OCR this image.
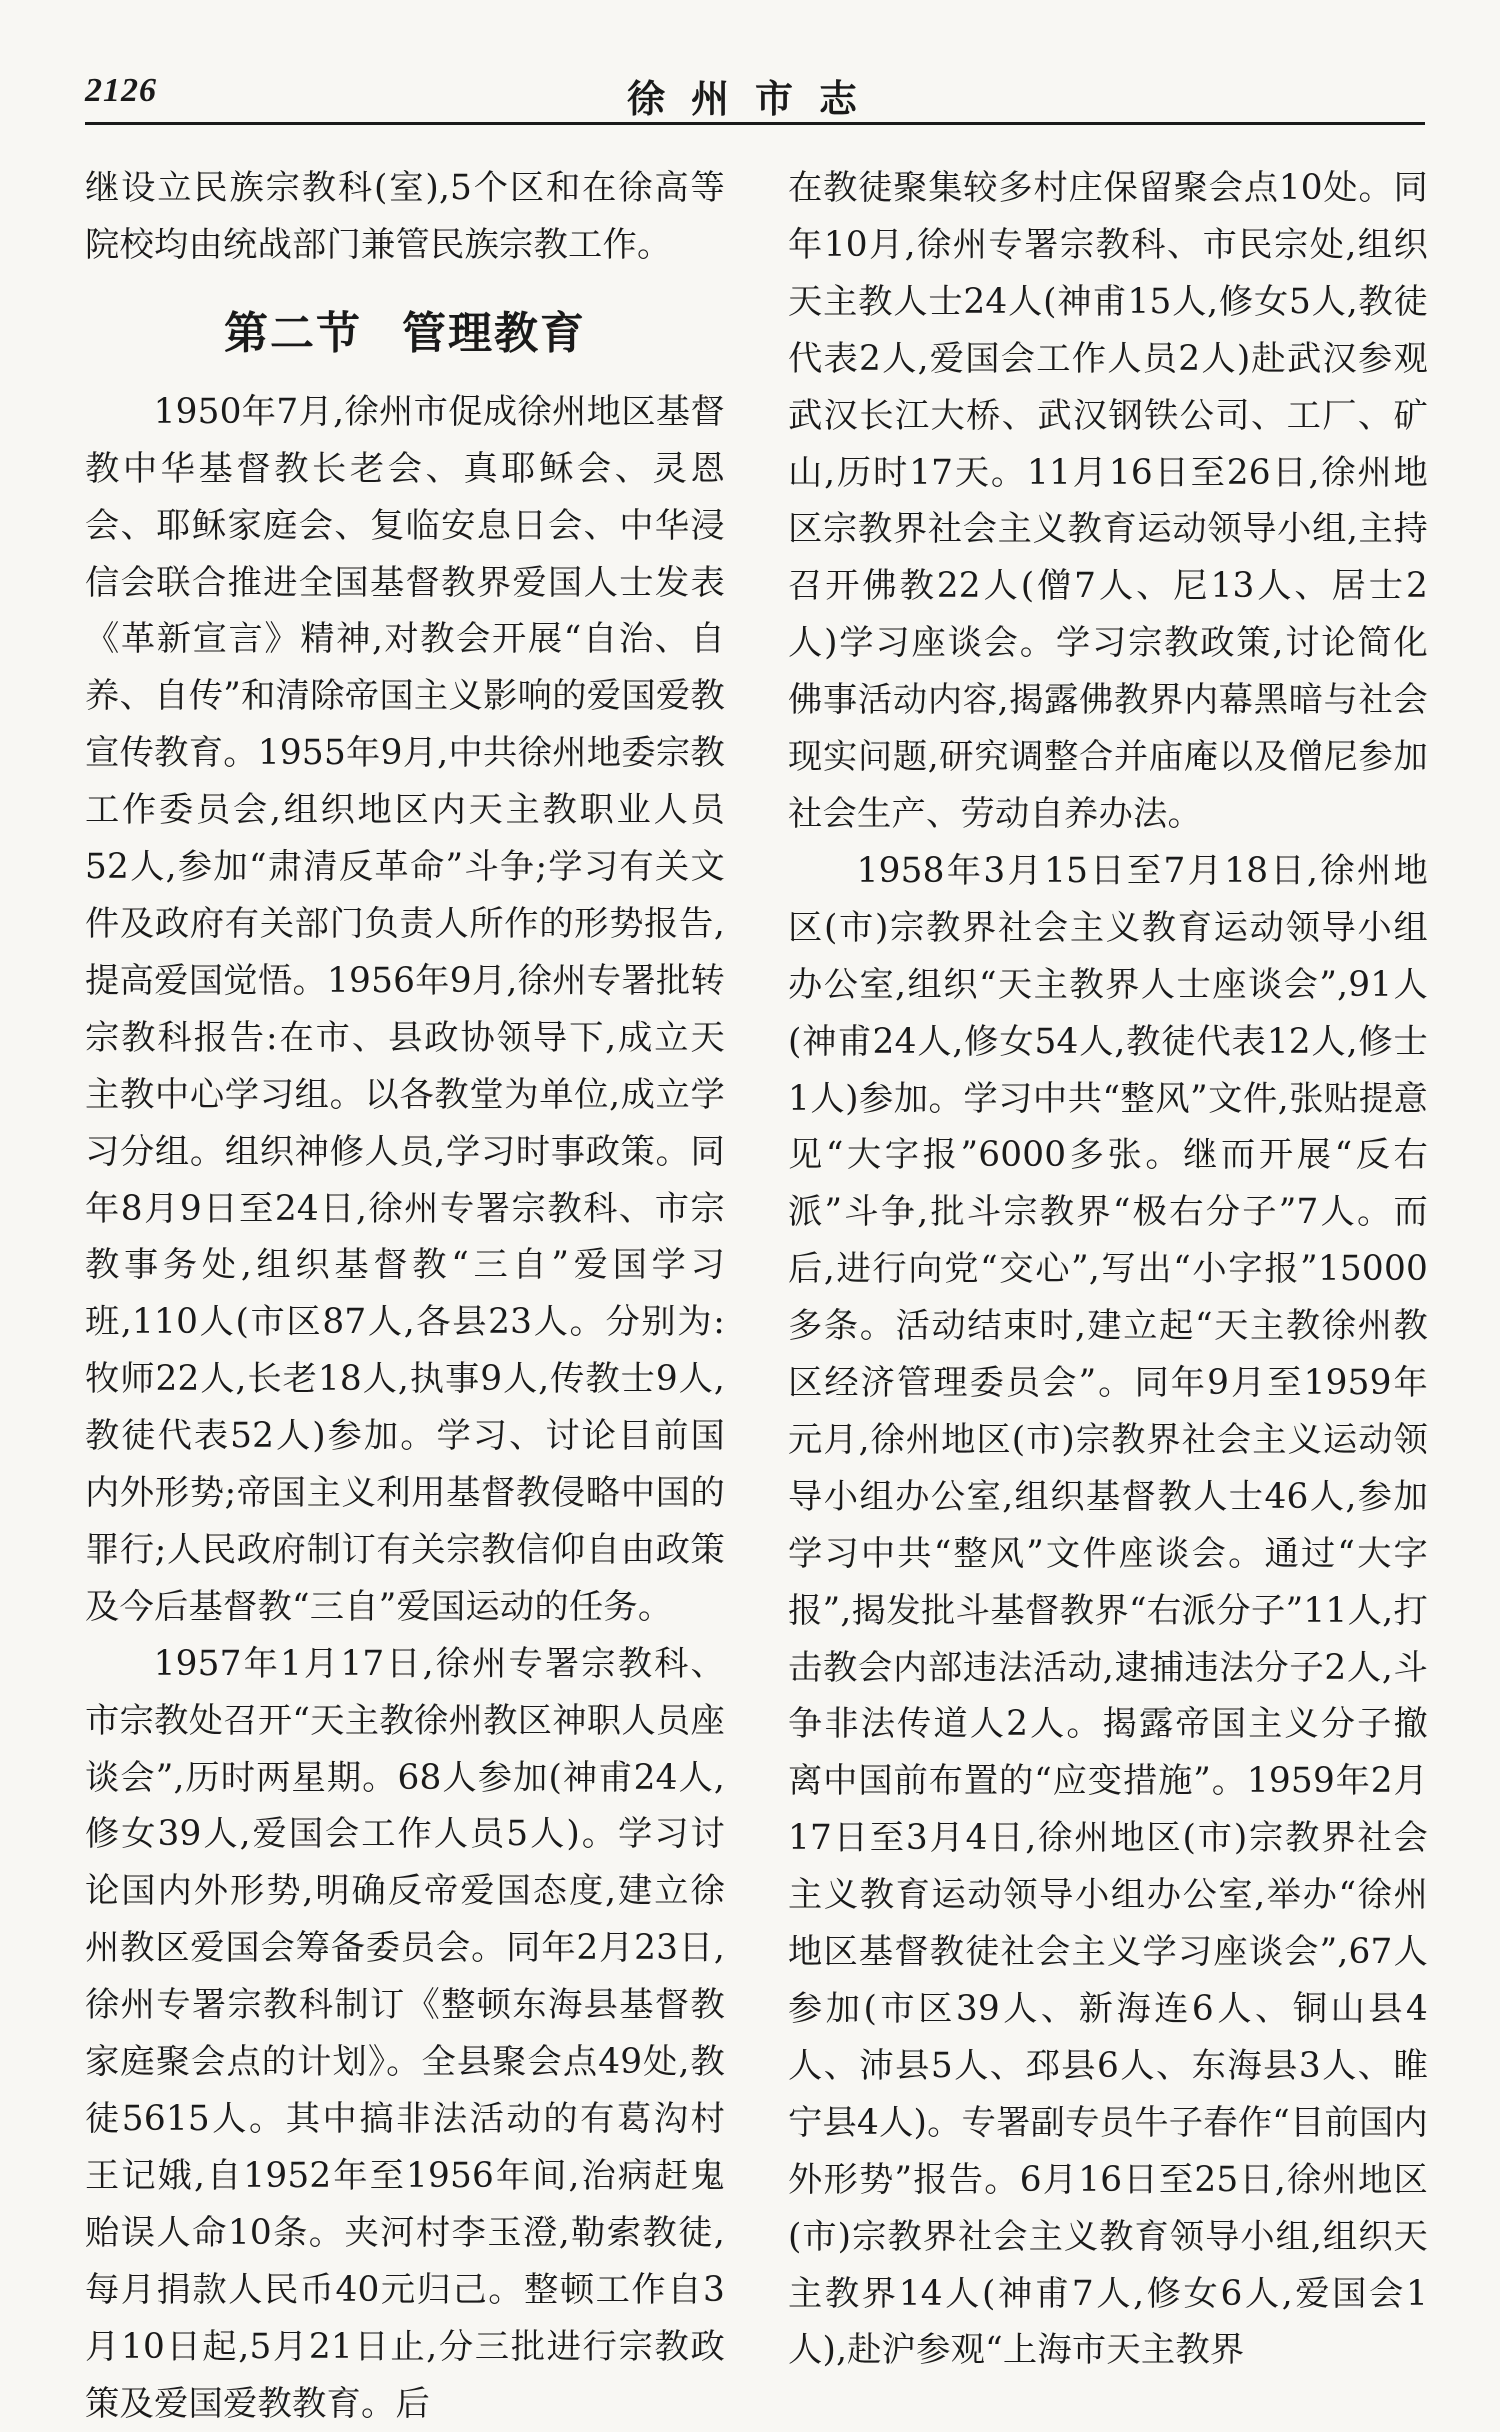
2126	徐州市志

继设立民族宗教科(室),5个区和在徐高等院校均由统战部门兼管民族宗教工作。

第二节 管理教育

1950年7月,徐州市促成徐州地区基督教中华基督教长老会、真耶稣会、灵恩会、耶稣家庭会、复临安息日会、中华浸信会联合推进全国基督教界爱国人士发表《革新宣言》精神,对教会开展“自治、自养、自传”和清除帝国主义影响的爱国爱教宣传教育。1955年9月,中共徐州地委宗教工作委员会,组织地区内天主教职业人员52人,参加“肃清反革命”斗争;学习有关文件及政府有关部门负责人所作的形势报告,提高爱国觉悟。1956年9月,徐州专署批转宗教科报告:在市、县政协领导下,成立天主教中心学习组。以各教堂为单位,成立学习分组。组织神修人员,学习时事政策。同年8月9日至24日,徐州专署宗教科、市宗教事务处,组织基督教“三自”爱国学习班,110人(市区87人,各县23人。分别为:牧师22人,长老18人,执事9人,传教士9人,教徒代表52人)参加。学习、讨论目前国内外形势;帝国主义利用基督教侵略中国的罪行;人民政府制订有关宗教信仰自由政策及今后基督教“三自”爱国运动的任务。

1957年1月17日,徐州专署宗教科、市宗教处召开“天主教徐州教区神职人员座谈会”,历时两星期。68人参加(神甫24人,修女39人,爱国会工作人员5人)。学习讨论国内外形势,明确反帝爱国态度,建立徐州教区爱国会筹备委员会。同年2月23日,徐州专署宗教科制订《整顿东海县基督教家庭聚会点的计划》。全县聚会点49处,教徒5615人。其中搞非法活动的有葛沟村王记娥,自1952年至1956年间,治病赶鬼贻误人命10条。夹河村李玉澄,勒索教徒,每月捐款人民币40元归己。整顿工作自3月10日起,5月21日止,分三批进行宗教政策及爱国爱教教育。后

在教徒聚集较多村庄保留聚会点10处。同年10月,徐州专署宗教科、市民宗处,组织天主教人士24人(神甫15人,修女5人,教徒代表2人,爱国会工作人员2人)赴武汉参观武汉长江大桥、武汉钢铁公司、工厂、矿山,历时17天。11月16日至26日,徐州地区宗教界社会主义教育运动领导小组,主持召开佛教22人(僧7人、尼13人、居士2人)学习座谈会。学习宗教政策,讨论简化佛事活动内容,揭露佛教界内幕黑暗与社会现实问题,研究调整合并庙庵以及僧尼参加社会生产、劳动自养办法。

1958年3月15日至7月18日,徐州地区(市)宗教界社会主义教育运动领导小组办公室,组织“天主教界人士座谈会”,91人(神甫24人,修女54人,教徒代表12人,修士1人)参加。学习中共“整风”文件,张贴提意见“大字报”6000多张。继而开展“反右派”斗争,批斗宗教界“极右分子”7人。而后,进行向党“交心”,写出“小字报”15000多条。活动结束时,建立起“天主教徐州教区经济管理委员会”。同年9月至1959年元月,徐州地区(市)宗教界社会主义运动领导小组办公室,组织基督教人士46人,参加学习中共“整风”文件座谈会。通过“大字报”,揭发批斗基督教界“右派分子”11人,打击教会内部违法活动,逮捕违法分子2人,斗争非法传道人2人。揭露帝国主义分子撤离中国前布置的“应变措施”。1959年2月17日至3月4日,徐州地区(市)宗教界社会主义教育运动领导小组办公室,举办“徐州地区基督教徒社会主义学习座谈会”,67人参加(市区39人、新海连6人、铜山县4人、沛县5人、邳县6人、东海县3人、睢宁县4人)。专署副专员牛子春作“目前国内外形势”报告。6月16日至25日,徐州地区(市)宗教界社会主义教育领导小组,组织天主教界14人(神甫7人,修女6人,爱国会1人),赴沪参观“上海市天主教界
